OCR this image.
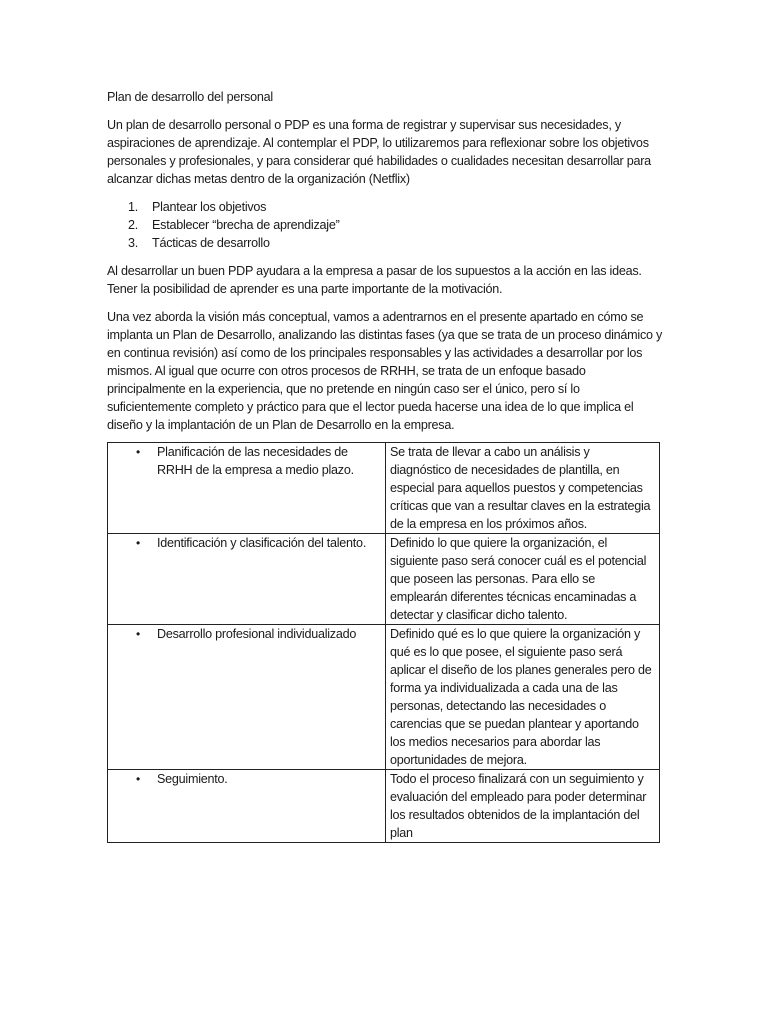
Plan de desarrollo del personal

Un plan de desarrollo personal o PDP es una forma de registrar y supervisar sus necesidades, y aspiraciones de aprendizaje. Al contemplar el PDP, lo utilizaremos para reflexionar sobre los objetivos personales y profesionales, y para considerar qué habilidades o cualidades necesitan desarrollar para alcanzar dichas metas dentro de la organización (Netflix)

1. Plantear los objetivos
2. Establecer “brecha de aprendizaje”
3. Tácticas de desarrollo

Al desarrollar un buen PDP ayudara a la empresa a pasar de los supuestos a la acción en las ideas. Tener la posibilidad de aprender es una parte importante de la motivación.

Una vez aborda la visión más conceptual, vamos a adentrarnos en el presente apartado en cómo se implanta un Plan de Desarrollo, analizando las distintas fases (ya que se trata de un proceso dinámico y en continua revisión) así como de los principales responsables y las actividades a desarrollar por los mismos. Al igual que ocurre con otros procesos de RRHH, se trata de un enfoque basado principalmente en la experiencia, que no pretende en ningún caso ser el único, pero sí lo suficientemente completo y práctico para que el lector pueda hacerse una idea de lo que implica el diseño y la implantación de un Plan de Desarrollo en la empresa.

• Planificación de las necesidades de RRHH de la empresa a medio plazo.	Se trata de llevar a cabo un análisis y diagnóstico de necesidades de plantilla, en especial para aquellos puestos y competencias críticas que van a resultar claves en la estrategia de la empresa en los próximos años.

• Identificación y clasificación del talento.	Definido lo que quiere la organización, el siguiente paso será conocer cuál es el potencial que poseen las personas. Para ello se emplearán diferentes técnicas encaminadas a detectar y clasificar dicho talento.

• Desarrollo profesional individualizado	Definido qué es lo que quiere la organización y qué es lo que posee, el siguiente paso será aplicar el diseño de los planes generales pero de forma ya individualizada a cada una de las personas, detectando las necesidades o carencias que se puedan plantear y aportando los medios necesarios para abordar las oportunidades de mejora.

• Seguimiento.	Todo el proceso finalizará con un seguimiento y evaluación del empleado para poder determinar los resultados obtenidos de la implantación del plan
